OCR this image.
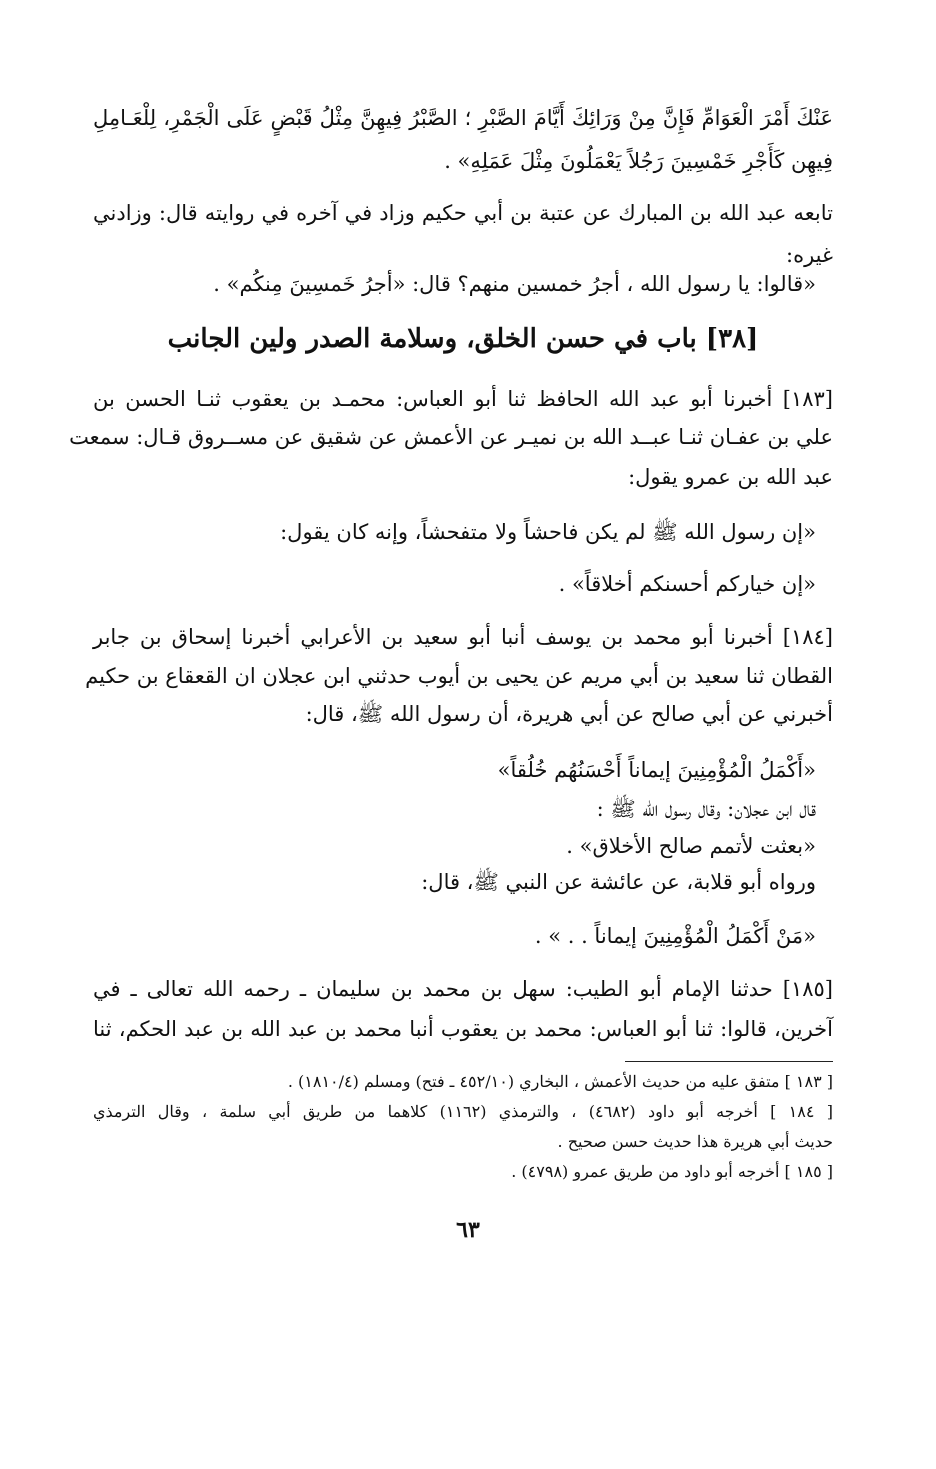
عَنْكَ أَمْرَ الْعَوَامِّ فَإِنَّ مِنْ وَرَائِكَ أَيَّامَ الصَّبْرِ ؛ الصَّبْرُ فِيهِنَّ مِثْلُ قَبْضٍ عَلَى الْجَمْرِ، لِلْعَـامِلِ
فِيهِن كَأَجْرِ خَمْسِينَ رَجُلاً يَعْمَلُونَ مِثْلَ عَمَلِهِ» .
تابعه عبد الله بن المبارك عن عتبة بن أبي حكيم وزاد في آخره في روايته قال: وزادني
غيره:
«قالوا: يا رسول الله ، أجرُ خمسين منهم؟ قال: «أجرُ خَمسِينَ مِنكُم» .
[٣٨] باب في حسن الخلق، وسلامة الصدر ولين الجانب
[١٨٣] أخبرنا أبو عبد الله الحافظ ثنا أبو العباس: محمـد بن يعقوب ثنـا الحسن بن
علي بن عفـان ثنـا عبــد الله بن نميـر عن الأعمش عن شقيق عن مســروق قـال: سمعت
عبد الله بن عمرو يقول:
«إن رسول الله ﷺ لم يكن فاحشاً ولا متفحشاً، وإنه كان يقول:
«إن خياركم أحسنكم أخلاقاً» .
[١٨٤] أخبرنا أبو محمد بن يوسف أنبا أبو سعيد بن الأعرابي أخبرنا إسحاق بن جابر
القطان ثنا سعيد بن أبي مريم عن يحيى بن أيوب حدثني ابن عجلان ان القعقاع بن حكيم
أخبرني عن أبي صالح عن أبي هريرة، أن رسول الله ﷺ، قال:
«أَكْمَلُ الْمُؤْمِنِينَ إيماناً أَحْسَنُهُم خُلُقاً»
قال ابن عجلان: وقال رسول الله ﷺ :
«بعثت لأتمم صالح الأخلاق» .
ورواه أبو قلابة، عن عائشة عن النبي ﷺ، قال:
«مَنْ أَكْمَلُ الْمُؤْمِنِينَ إيماناً . . » .
[١٨٥] حدثنا الإمام أبو الطيب: سهل بن محمد بن سليمان ـ رحمه الله تعالى ـ في
آخرين، قالوا: ثنا أبو العباس: محمد بن يعقوب أنبا محمد بن عبد الله بن عبد الحكم، ثنا
[ ١٨٣ ] متفق عليه من حديث الأعمش ، البخاري (٤٥٢/١٠ ـ فتح) ومسلم (١٨١٠/٤) .
[ ١٨٤ ] أخرجه أبو داود (٤٦٨٢) ، والترمذي (١١٦٢) كلاهما من طريق أبي سلمة ، وقال الترمذي
حديث أبي هريرة هذا حديث حسن صحيح .
[ ١٨٥ ] أخرجه أبو داود من طريق عمرو (٤٧٩٨) .
٦٣
